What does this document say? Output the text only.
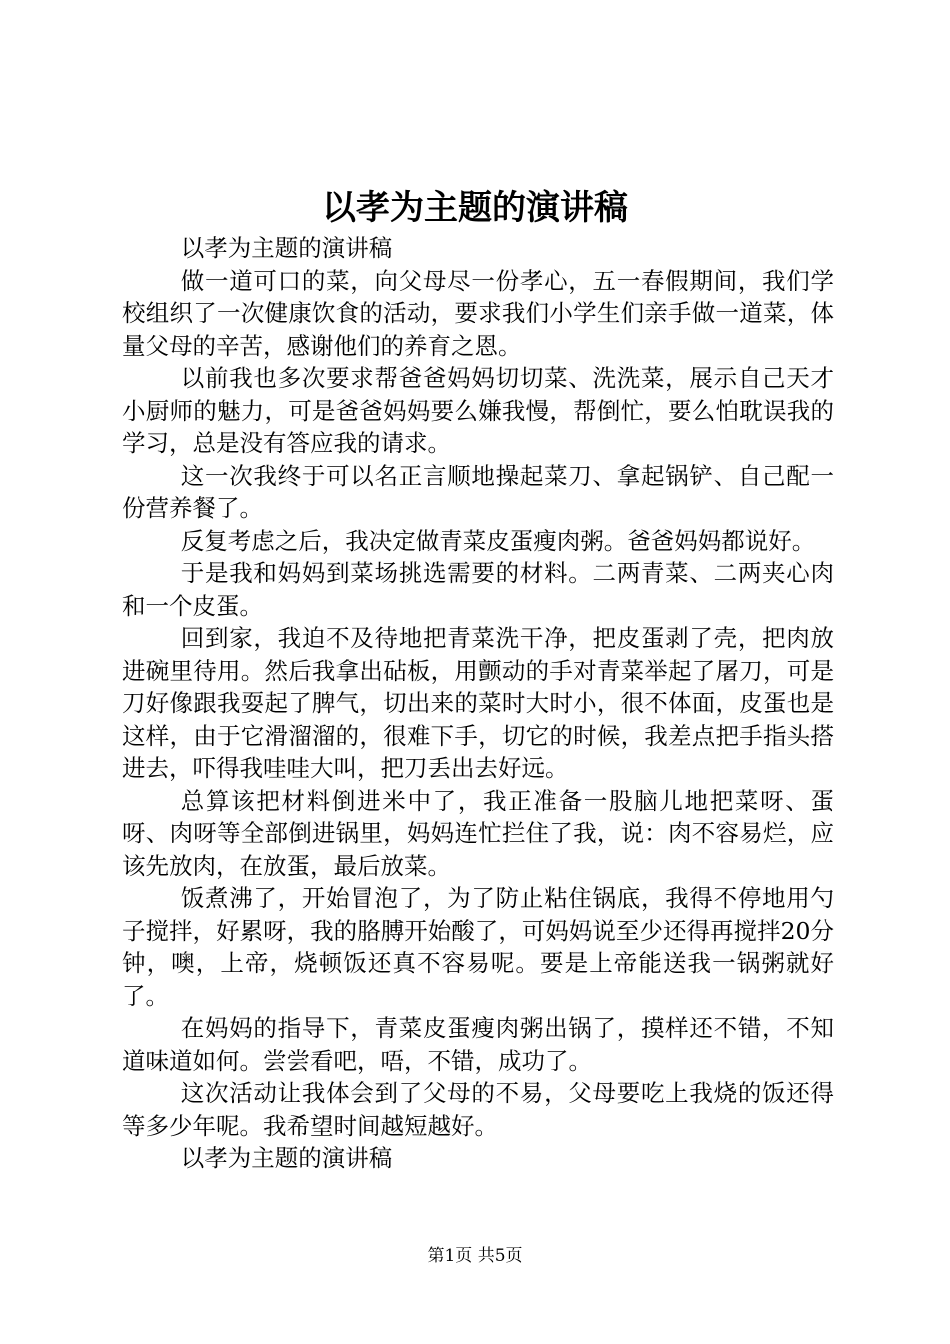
以孝为主题的演讲稿

以孝为主题的演讲稿

做一道可口的菜，向父母尽一份孝心，五一春假期间，我们学校组织了一次健康饮食的活动，要求我们小学生们亲手做一道菜，体量父母的辛苦，感谢他们的养育之恩。

以前我也多次要求帮爸爸妈妈切切菜、洗洗菜，展示自己天才小厨师的魅力，可是爸爸妈妈要么嫌我慢，帮倒忙，要么怕耽误我的学习，总是没有答应我的请求。

这一次我终于可以名正言顺地操起菜刀、拿起锅铲、自己配一份营养餐了。

反复考虑之后，我决定做青菜皮蛋瘦肉粥。爸爸妈妈都说好。

于是我和妈妈到菜场挑选需要的材料。二两青菜、二两夹心肉和一个皮蛋。

回到家，我迫不及待地把青菜洗干净，把皮蛋剥了壳，把肉放进碗里待用。然后我拿出砧板，用颤动的手对青菜举起了屠刀，可是刀好像跟我耍起了脾气，切出来的菜时大时小，很不体面，皮蛋也是这样，由于它滑溜溜的，很难下手，切它的时候，我差点把手指头搭进去，吓得我哇哇大叫，把刀丢出去好远。

总算该把材料倒进米中了，我正准备一股脑儿地把菜呀、蛋呀、肉呀等全部倒进锅里，妈妈连忙拦住了我，说：肉不容易烂，应该先放肉，在放蛋，最后放菜。

饭煮沸了，开始冒泡了，为了防止粘住锅底，我得不停地用勺子搅拌，好累呀，我的胳膊开始酸了，可妈妈说至少还得再搅拌20分钟，噢，上帝，烧顿饭还真不容易呢。要是上帝能送我一锅粥就好了。

在妈妈的指导下，青菜皮蛋瘦肉粥出锅了，摸样还不错，不知道味道如何。尝尝看吧，唔，不错，成功了。

这次活动让我体会到了父母的不易，父母要吃上我烧的饭还得等多少年呢。我希望时间越短越好。

以孝为主题的演讲稿

第1页 共5页
